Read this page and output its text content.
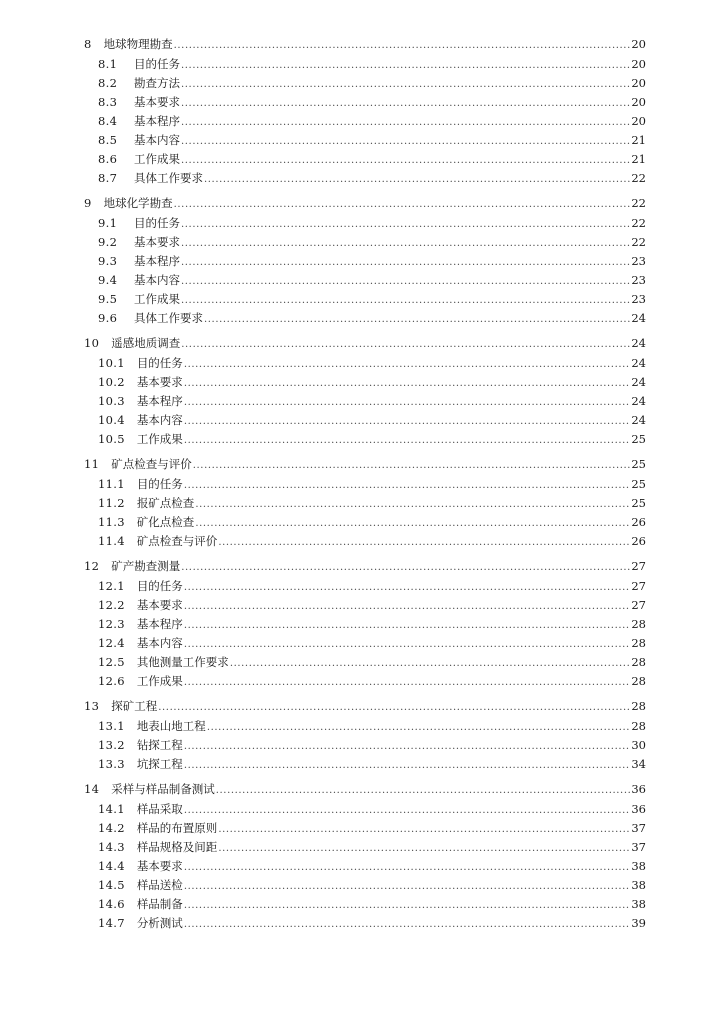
8 地球物理勘查 .....	20
8.1	目的任务 .....	20
8.2	勘查方法 .....	20
8.3	基本要求 .....	20
8.4	基本程序 .....	20
8.5	基本内容 .....	21
8.6	工作成果 .....	21
8.7	具体工作要求 .....	22
9 地球化学勘查 .....	22
9.1	目的任务 .....	22
9.2	基本要求 .....	22
9.3	基本程序 .....	23
9.4	基本内容 .....	23
9.5	工作成果 .....	23
9.6	具体工作要求 .....	24
10 遥感地质调查 .....	24
10.1 目的任务 .....	24
10.2 基本要求 .....	24
10.3 基本程序 .....	24
10.4 基本内容 .....	24
10.5 工作成果 .....	25
11 矿点检查与评价 .....	25
11.1 目的任务 .....	25
11.2 报矿点检查 .....	25
11.3 矿化点检查 .....	26
11.4 矿点检查与评价 .....	26
12 矿产勘查测量 .....	27
12.1 目的任务 .....	27
12.2 基本要求 .....	27
12.3 基本程序 .....	28
12.4 基本内容 .....	28
12.5 其他测量工作要求 .....	28
12.6 工作成果 .....	28
13 探矿工程 .....	28
13.1 地表山地工程 .....	28
13.2 钻探工程 .....	30
13.3 坑探工程 .....	34
14 采样与样品制备测试 .....	36
14.1 样品采取 .....	36
14.2 样品的布置原则 .....	37
14.3 样品规格及间距 .....	37
14.4 基本要求 .....	38
14.5 样品送检 .....	38
14.6 样品制备 .....	38
14.7 分析测试 .....	39
